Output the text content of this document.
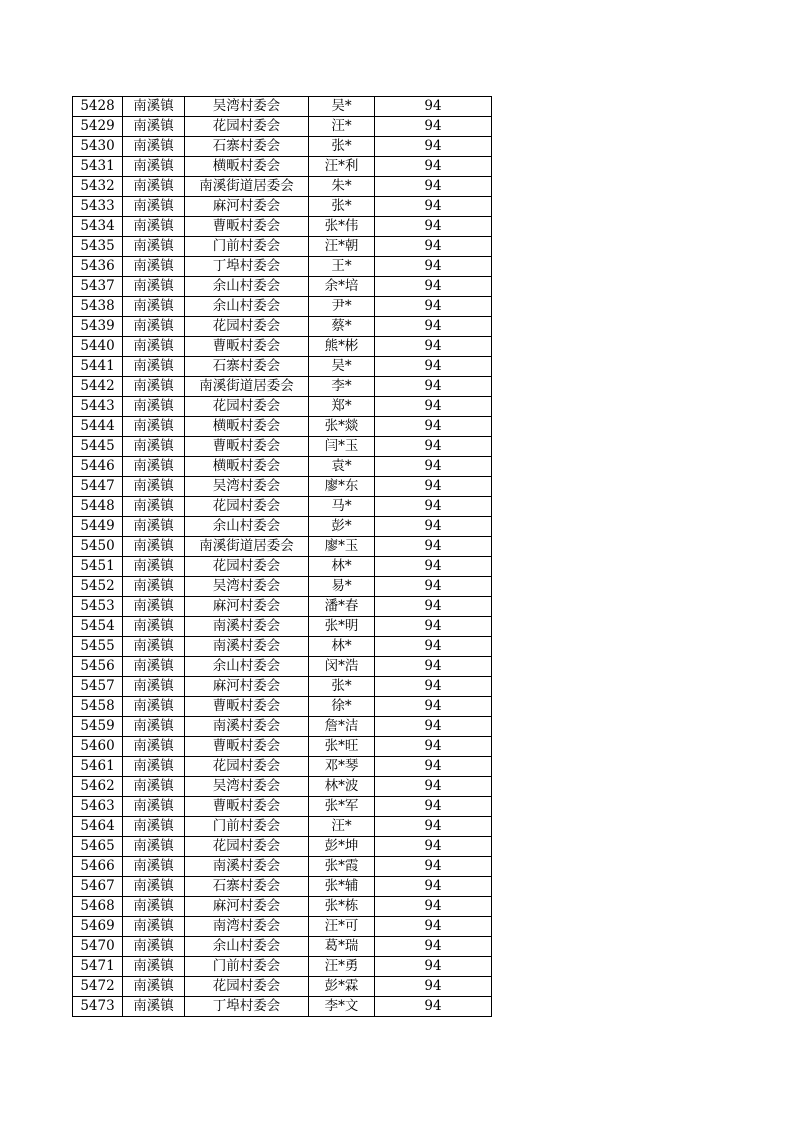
5428	南溪镇	吴湾村委会	吴*	94
5429	南溪镇	花园村委会	汪*	94
5430	南溪镇	石寨村委会	张*	94
5431	南溪镇	横畈村委会	汪*利	94
5432	南溪镇	南溪街道居委会	朱*	94
5433	南溪镇	麻河村委会	张*	94
5434	南溪镇	曹畈村委会	张*伟	94
5435	南溪镇	门前村委会	汪*朝	94
5436	南溪镇	丁埠村委会	王*	94
5437	南溪镇	余山村委会	余*培	94
5438	南溪镇	余山村委会	尹*	94
5439	南溪镇	花园村委会	蔡*	94
5440	南溪镇	曹畈村委会	熊*彬	94
5441	南溪镇	石寨村委会	吴*	94
5442	南溪镇	南溪街道居委会	李*	94
5443	南溪镇	花园村委会	郑*	94
5444	南溪镇	横畈村委会	张*燚	94
5445	南溪镇	曹畈村委会	闫*玉	94
5446	南溪镇	横畈村委会	袁*	94
5447	南溪镇	吴湾村委会	廖*东	94
5448	南溪镇	花园村委会	马*	94
5449	南溪镇	余山村委会	彭*	94
5450	南溪镇	南溪街道居委会	廖*玉	94
5451	南溪镇	花园村委会	林*	94
5452	南溪镇	吴湾村委会	易*	94
5453	南溪镇	麻河村委会	潘*春	94
5454	南溪镇	南溪村委会	张*明	94
5455	南溪镇	南溪村委会	林*	94
5456	南溪镇	余山村委会	闵*浩	94
5457	南溪镇	麻河村委会	张*	94
5458	南溪镇	曹畈村委会	徐*	94
5459	南溪镇	南溪村委会	詹*洁	94
5460	南溪镇	曹畈村委会	张*旺	94
5461	南溪镇	花园村委会	邓*琴	94
5462	南溪镇	吴湾村委会	林*波	94
5463	南溪镇	曹畈村委会	张*军	94
5464	南溪镇	门前村委会	汪*	94
5465	南溪镇	花园村委会	彭*坤	94
5466	南溪镇	南溪村委会	张*霞	94
5467	南溪镇	石寨村委会	张*辅	94
5468	南溪镇	麻河村委会	张*栋	94
5469	南溪镇	南湾村委会	汪*可	94
5470	南溪镇	余山村委会	葛*瑞	94
5471	南溪镇	门前村委会	汪*勇	94
5472	南溪镇	花园村委会	彭*霖	94
5473	南溪镇	丁埠村委会	李*文	94
